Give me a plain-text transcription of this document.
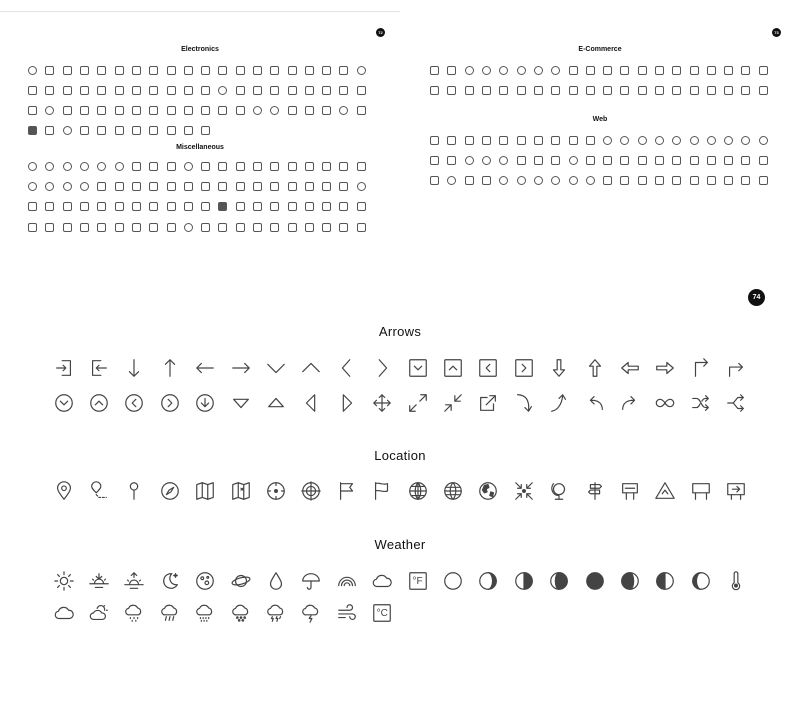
72
Electronics
Miscellaneous
73
E-Commerce
Web
74
Arrows
Location
Weather
°F
°C
